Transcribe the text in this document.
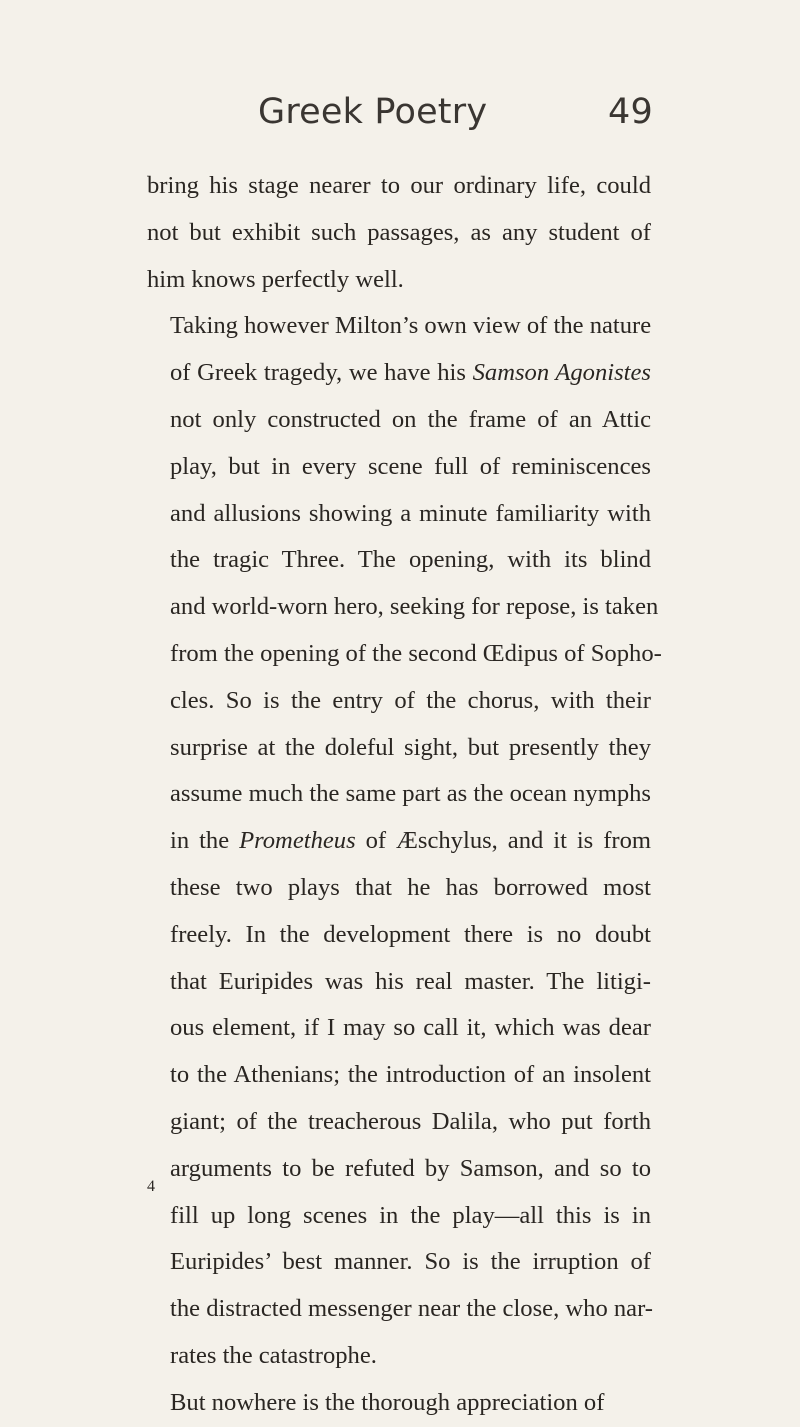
Greek Poetry	49

bring his stage nearer to our ordinary life, could
not but exhibit such passages, as any student of
him knows perfectly well.

Taking however Milton’s own view of the nature
of Greek tragedy, we have his Samson Agonistes
not only constructed on the frame of an Attic
play, but in every scene full of reminiscences
and allusions showing a minute familiarity with
the tragic Three. The opening, with its blind
and world-worn hero, seeking for repose, is taken
from the opening of the second Œdipus of Sopho-
cles. So is the entry of the chorus, with their
surprise at the doleful sight, but presently they
assume much the same part as the ocean nymphs
in the Prometheus of Æschylus, and it is from
these two plays that he has borrowed most
freely. In the development there is no doubt
that Euripides was his real master. The litigi-
ous element, if I may so call it, which was dear
to the Athenians; the introduction of an insolent
giant; of the treacherous Dalila, who put forth
arguments to be refuted by Samson, and so to
fill up long scenes in the play—all this is in
Euripides’ best manner. So is the irruption of
the distracted messenger near the close, who nar-
rates the catastrophe.

But nowhere is the thorough appreciation of

4
